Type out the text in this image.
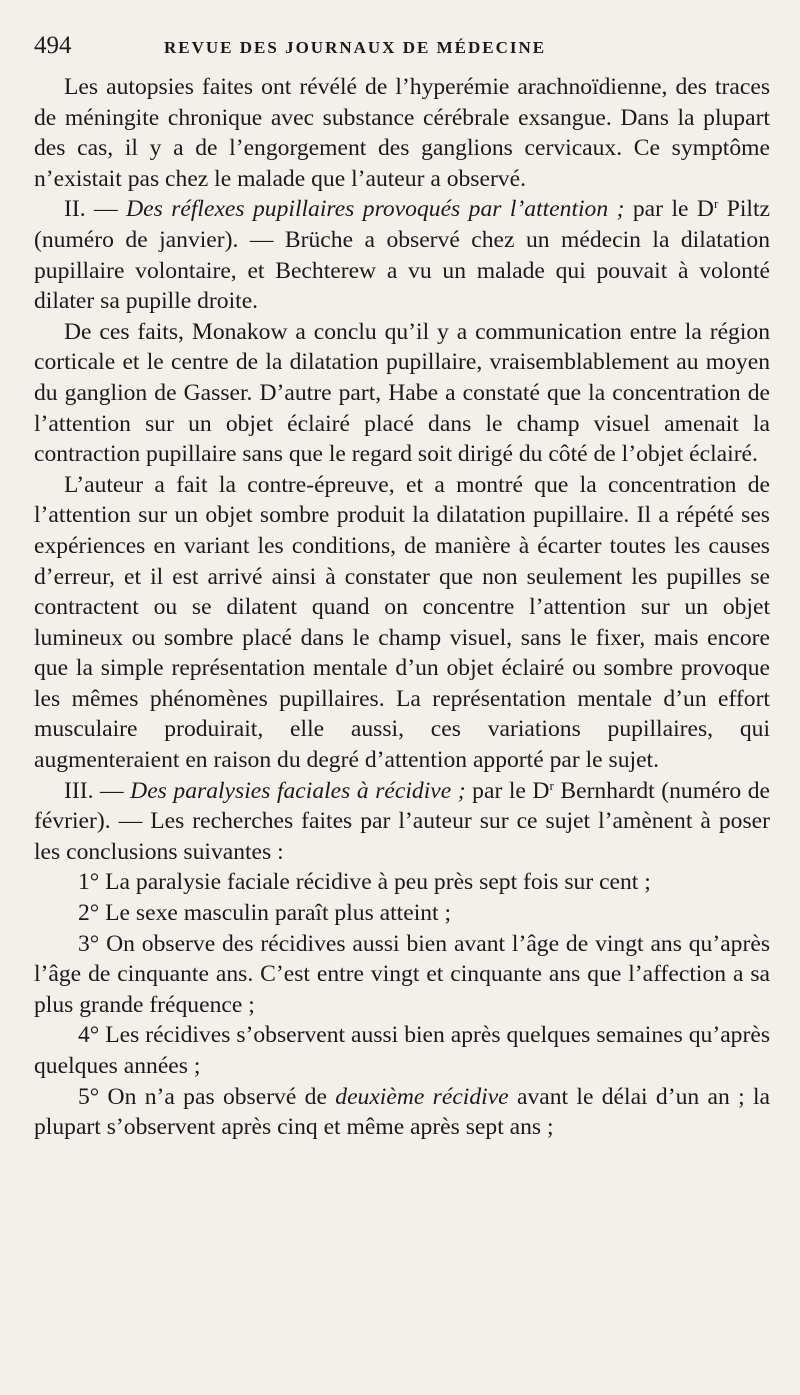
494	REVUE DES JOURNAUX DE MÉDECINE

Les autopsies faites ont révélé de l’hyperémie arachnoïdienne, des traces de méningite chronique avec substance cérébrale exsangue. Dans la plupart des cas, il y a de l’engorgement des ganglions cervicaux. Ce symptôme n’existait pas chez le malade que l’auteur a observé.

II. — Des réflexes pupillaires provoqués par l’attention ; par le $D^r$ Piltz (numéro de janvier). — Brüche a observé chez un médecin la dilatation pupillaire volontaire, et Bechterew a vu un malade qui pouvait à volonté dilater sa pupille droite.

De ces faits, Monakow a conclu qu’il y a communication entre la région corticale et le centre de la dilatation pupillaire, vraisemblablement au moyen du ganglion de Gasser. D’autre part, Habe a constaté que la concentration de l’attention sur un objet éclairé placé dans le champ visuel amenait la contraction pupillaire sans que le regard soit dirigé du côté de l’objet éclairé.

L’auteur a fait la contre-épreuve, et a montré que la concentration de l’attention sur un objet sombre produit la dilatation pupillaire. Il a répété ses expériences en variant les conditions, de manière à écarter toutes les causes d’erreur, et il est arrivé ainsi à constater que non seulement les pupilles se contractent ou se dilatent quand on concentre l’attention sur un objet lumineux ou sombre placé dans le champ visuel, sans le fixer, mais encore que la simple représentation mentale d’un objet éclairé ou sombre provoque les mêmes phénomènes pupillaires. La représentation mentale d’un effort musculaire produirait, elle aussi, ces variations pupillaires, qui augmenteraient en raison du degré d’attention apporté par le sujet.

III. — Des paralysies faciales à récidive ; par le $D^r$ Bernhardt (numéro de février). — Les recherches faites par l’auteur sur ce sujet l’amènent à poser les conclusions suivantes :

1° La paralysie faciale récidive à peu près sept fois sur cent ;

2° Le sexe masculin paraît plus atteint ;

3° On observe des récidives aussi bien avant l’âge de vingt ans qu’après l’âge de cinquante ans. C’est entre vingt et cinquante ans que l’affection a sa plus grande fréquence ;

4° Les récidives s’observent aussi bien après quelques semaines qu’après quelques années ;

5° On n’a pas observé de deuxième récidive avant le délai d’un an ; la plupart s’observent après cinq et même après sept ans ;
